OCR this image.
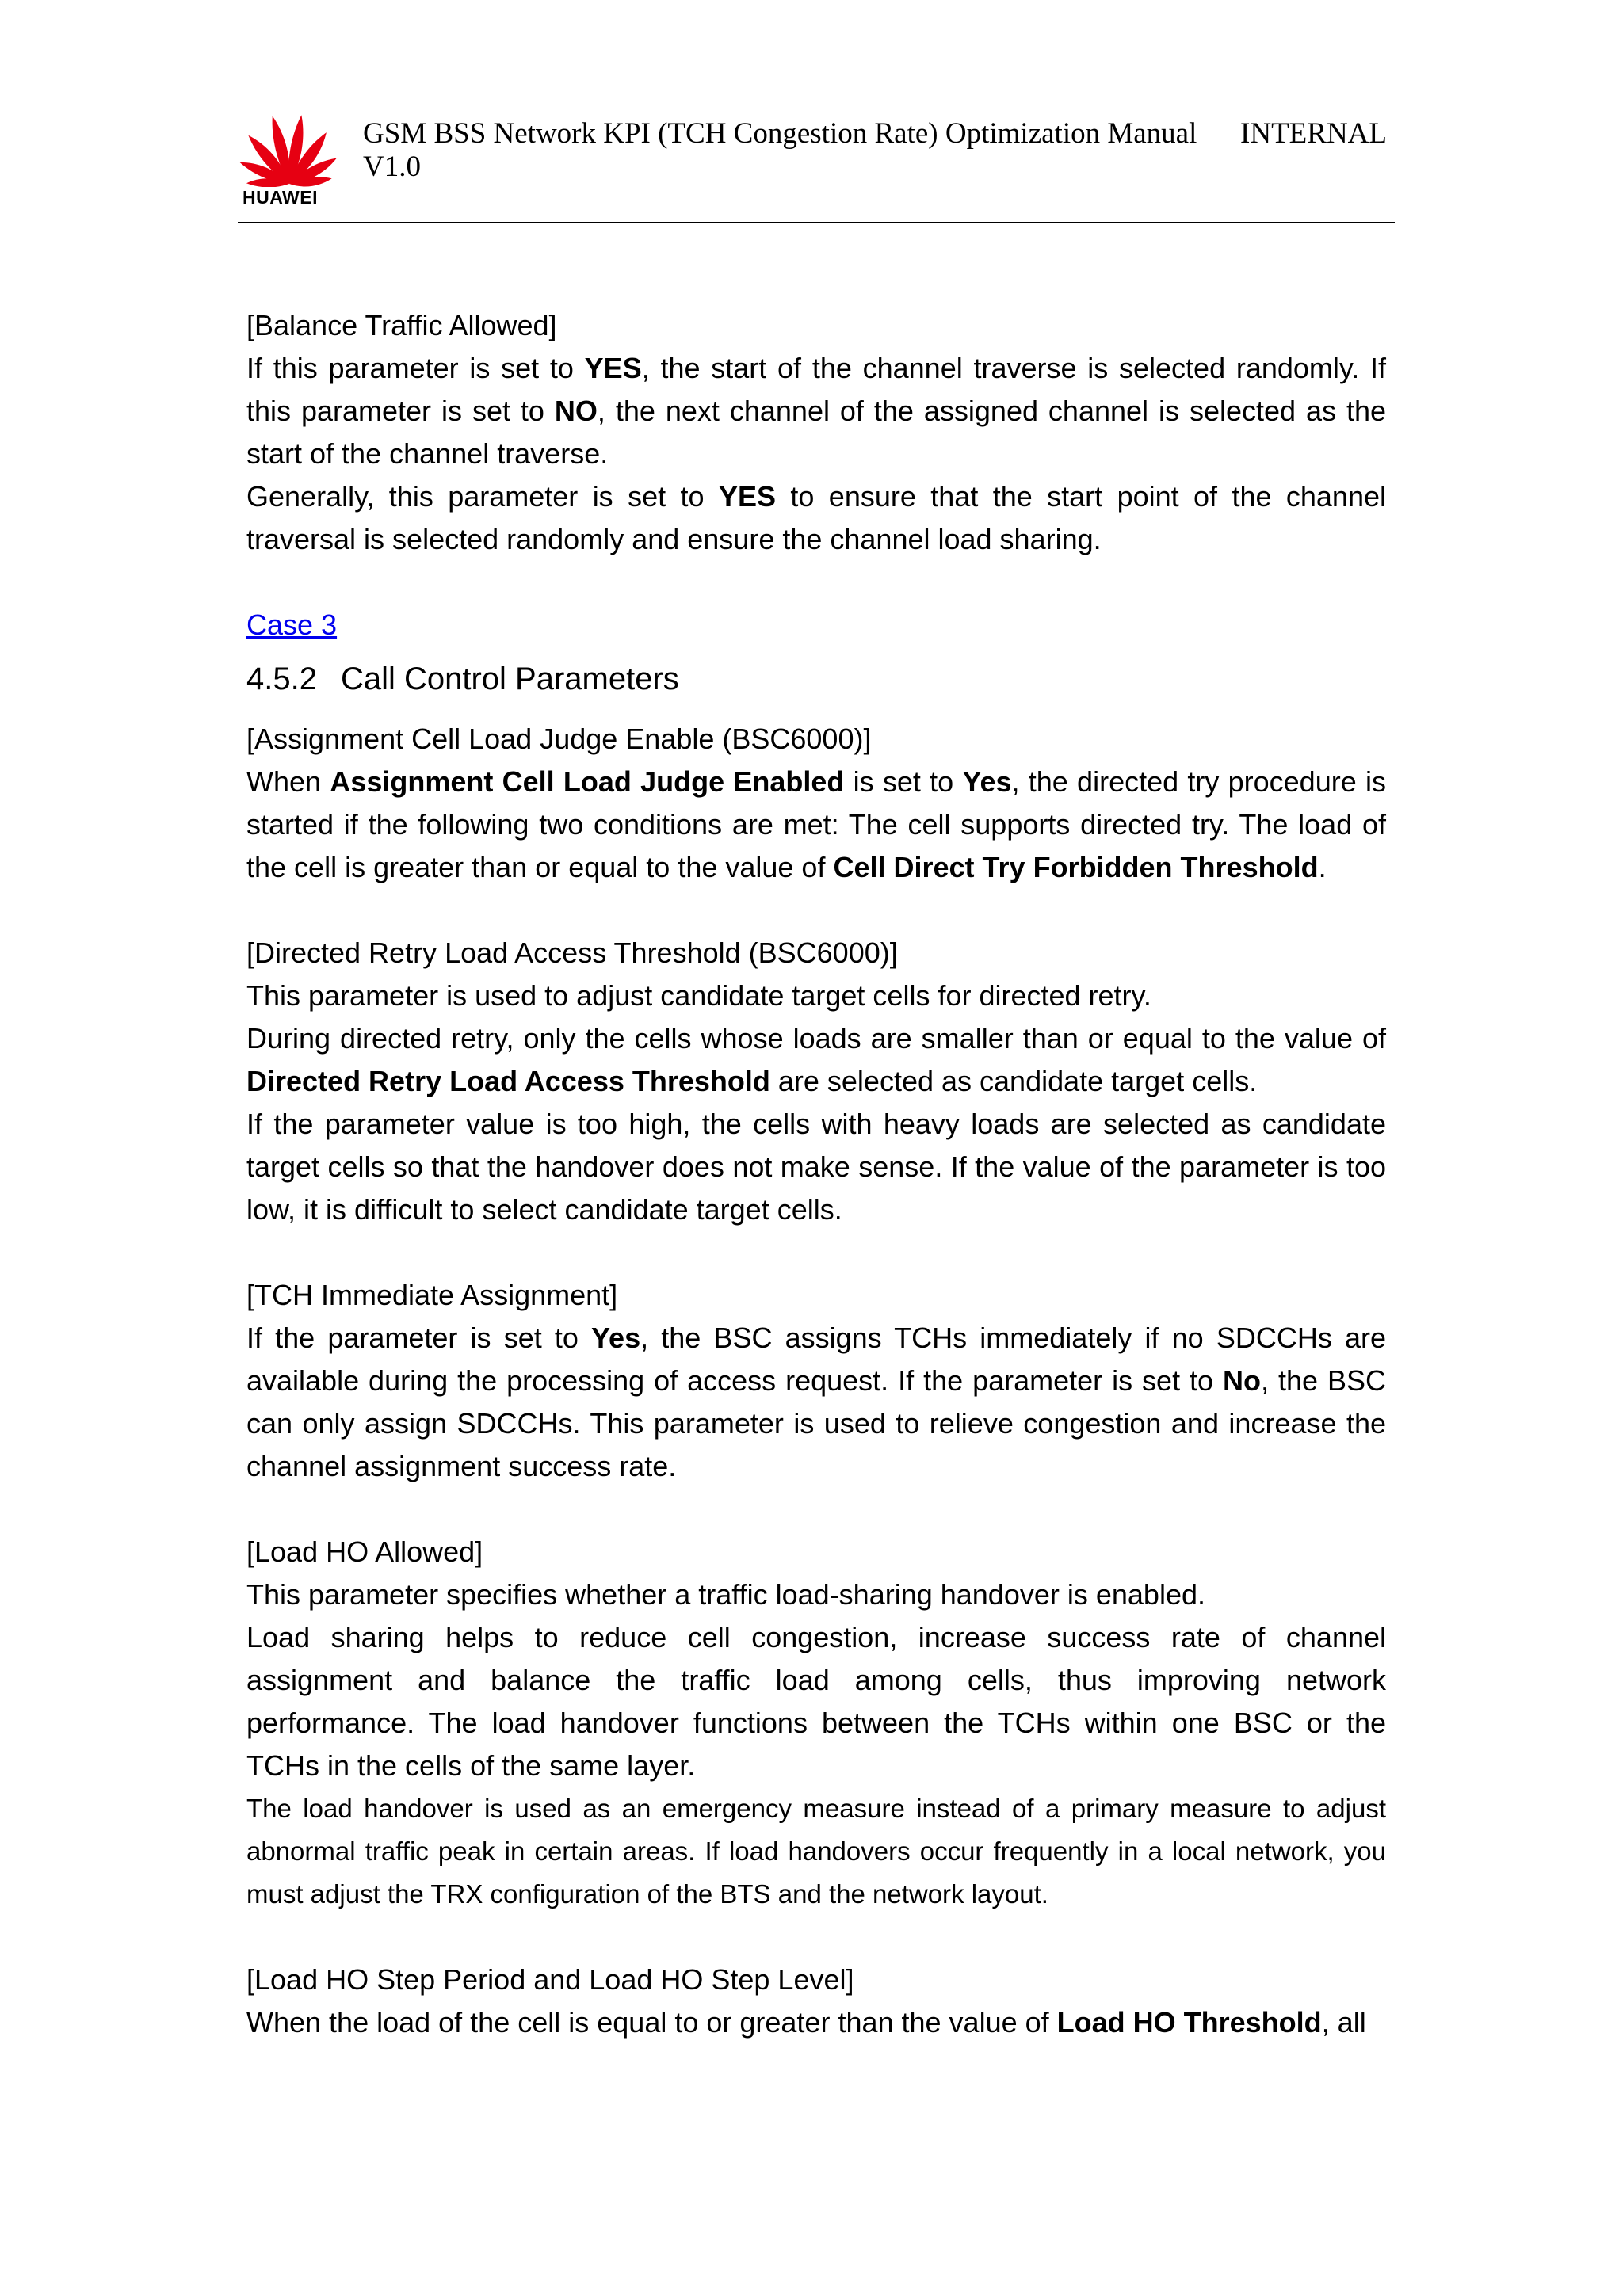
HUAWEI
GSM BSS Network KPI (TCH Congestion Rate) Optimization Manual V1.0
INTERNAL

[Balance Traffic Allowed]

If this parameter is set to YES, the start of the channel traverse is selected randomly. If this parameter is set to NO, the next channel of the assigned channel is selected as the start of the channel traverse.

Generally, this parameter is set to YES to ensure that the start point of the channel traversal is selected randomly and ensure the channel load sharing.

Case 3

4.5.2 Call Control Parameters

[Assignment Cell Load Judge Enable (BSC6000)]

When Assignment Cell Load Judge Enabled is set to Yes, the directed try procedure is started if the following two conditions are met: The cell supports directed try. The load of the cell is greater than or equal to the value of Cell Direct Try Forbidden Threshold.

[Directed Retry Load Access Threshold (BSC6000)]

This parameter is used to adjust candidate target cells for directed retry.

During directed retry, only the cells whose loads are smaller than or equal to the value of Directed Retry Load Access Threshold are selected as candidate target cells.

If the parameter value is too high, the cells with heavy loads are selected as candidate target cells so that the handover does not make sense. If the value of the parameter is too low, it is difficult to select candidate target cells.

[TCH Immediate Assignment]

If the parameter is set to Yes, the BSC assigns TCHs immediately if no SDCCHs are available during the processing of access request. If the parameter is set to No, the BSC can only assign SDCCHs. This parameter is used to relieve congestion and increase the channel assignment success rate.

[Load HO Allowed]

This parameter specifies whether a traffic load-sharing handover is enabled.

Load sharing helps to reduce cell congestion, increase success rate of channel assignment and balance the traffic load among cells, thus improving network performance. The load handover functions between the TCHs within one BSC or the TCHs in the cells of the same layer.

The load handover is used as an emergency measure instead of a primary measure to adjust abnormal traffic peak in certain areas. If load handovers occur frequently in a local network, you must adjust the TRX configuration of the BTS and the network layout.

[Load HO Step Period and Load HO Step Level]

When the load of the cell is equal to or greater than the value of Load HO Threshold, all
